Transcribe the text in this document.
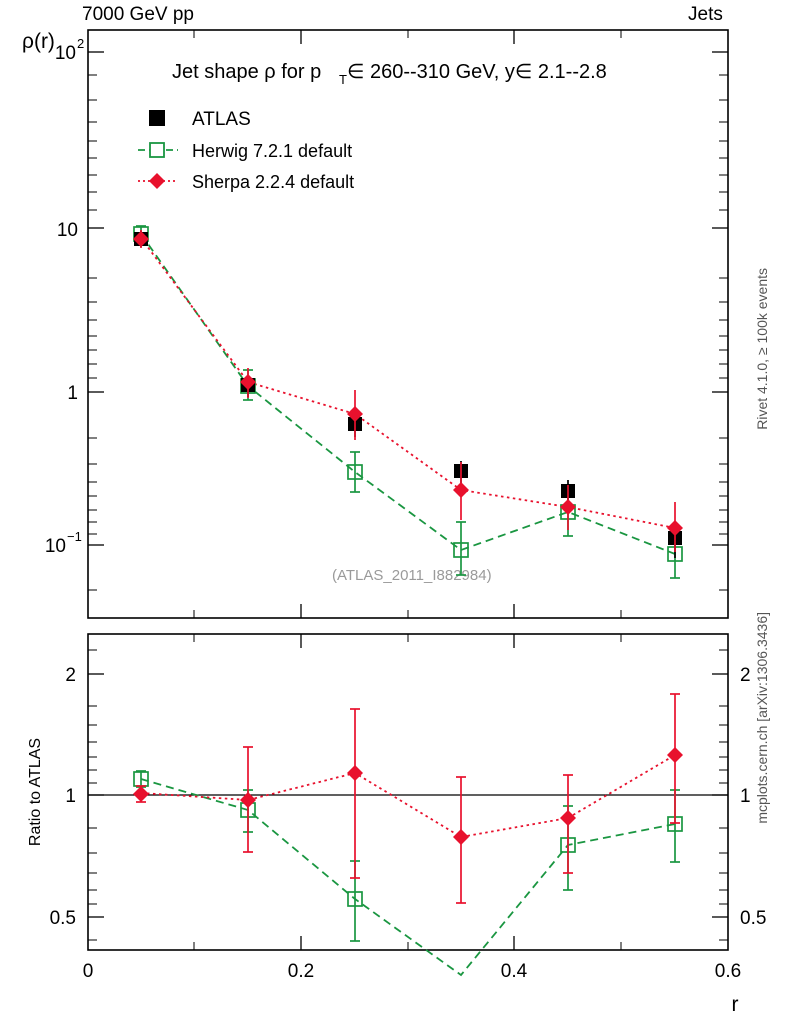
7000 GeV pp	Jets
10
10
1
10
2
−1
ρ(r)
Jet shape ρ for p T ∈ 260--310 GeV, y∈ 2.1--2.8
(ATLAS_2011_I882984)
ATLAS
Herwig 7.2.1 default
Sherpa 2.2.4 default
2
1
0.5
2
1
0.5
Ratio to ATLAS
0	0.2	0.4	0.6
r
Rivet 4.1.0, ≥ 100k events
mcplots.cern.ch [arXiv:1306.3436]
